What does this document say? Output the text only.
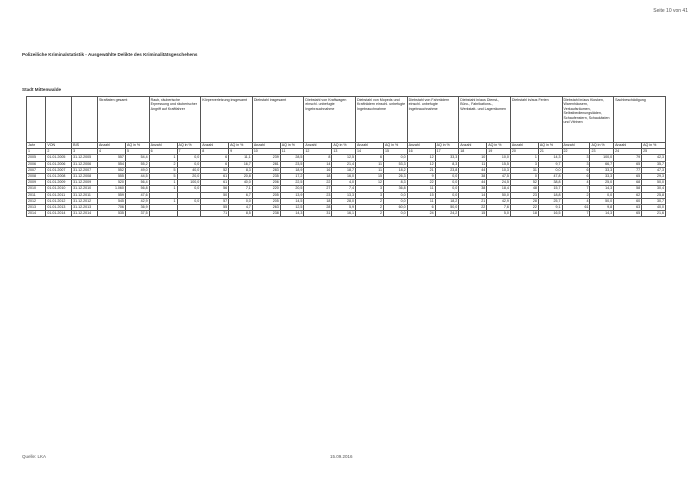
Seite 10 von 41
Polizeiliche Kriminalstatistik - Ausgewählte Delikte des Kriminalitätsgeschehens
Stadt Mittenwalde
			Straftaten gesamt		Raub, räuberische Erpressung und räuberischer Angriff auf Kraftfahrer		Körperverletzung insgesamt		Diebstahl insgesamt		Diebstahl von Kraftwagen einschl. unbefugte Ingebrauchnahme		Diebstahl von Mopeds und Krafträdern einschl. unbefugte Ingebrauchnahme		Diebstahl von Fahrrädern einschl. unbefugte Ingebrauchnahme		Diebstahl in/aus Dienst-, Büro-, Fabrikations-, Werkstatt- und Lagerräumen		Diebstahl in/aus Ferien		Diebstahl in/aus Kiosken, Warenhäusern, Verkaufsräumen, Selbstbedienungsläden, Schaufenstern, Schaukästen und Vitrinen		Sachbeschädigung	
Jahr	VON	BIS	Anzahl	AQ in %	Anzahl	AQ in %	Anzahl	AQ in %	Anzahl	AQ in %	Anzahl	AQ in %	Anzahl	AQ in %	Anzahl	AQ in %	Anzahl	AQ in %	Anzahl	AQ in %	Anzahl	AQ in %	Anzahl	AQ in %
1	2	3	4	5	6	7	8	9	10	11	12	13	14	15	16	17	18	19	20	21	22	23	24	25
2005	01.01.2005	31.12.2005	557	54,4	1	0,0	6	11,1	239	28,5	8	12,5	6	0,0	12	33,3	10	10,0	1	14,3	3	100,0	79	42,3
2006	01.01.2006	31.12.2006	554	55,2	2	0,0	6	16,7	281	23,5	14	21,4	11	53,3	12	8,3	11	15,5	3	9,7	3	66,7	65	35,7
2007	01.01.2007	31.12.2007	552	49,0	5	40,0	52	8,3	283	18,9	16	18,7	11	18,2	21	23,8	44	10,3	31	0,0	6	33,3	77	47,3
2008	01.01.2008	31.12.2008	555	44,5	5	20,0	61	20,8	235	17,2	18	16,0	15	26,3	9	0,0	38	47,5	0	47,8	6	33,3	65	29,3
2009	01.01.2009	31.12.2009	520	56,4	1	100,0	61	40,0	206	22,5	22	4,0	12	8,3	22	0,0	44	24,5	52	38,8	4	25,0	68	50,0
2010	01.01.2010	31.12.2010	1.060	56,8	1	0,0	56	7,1	220	20,5	27	7,4	3	36,8	11	0,0	38	18,4	48	15,7	7	14,3	58	30,4
2011	01.01.2011	31.12.2011	559	47,6			50	6,7	205	13,9	23	13,3	3	0,0	15	0,0	14	50,0	23	18,8	2	0,0	62	25,8
2012	01.01.2012	31.12.2012	545	42,9	1	0,0	57	0,0	205	14,5	18	28,0	2	0,0	11	18,2	21	42,9	28	25,7	4	50,0	60	30,7
2013	01.01.2013	31.12.2013	706	36,9			55	4,7	263	12,5	28	5,9	2	60,0	6	50,0	22	7,6	22	9,1	61	9,8	63	40,0
2014	01.01.2014	31.12.2014	535	37,5			71	8,5	238	14,3	31	16,1	2	0,0	24	24,2	15	5,0	18	16,5	7	14,3	65	21,6
Quelle: LKA	15.09.2016
